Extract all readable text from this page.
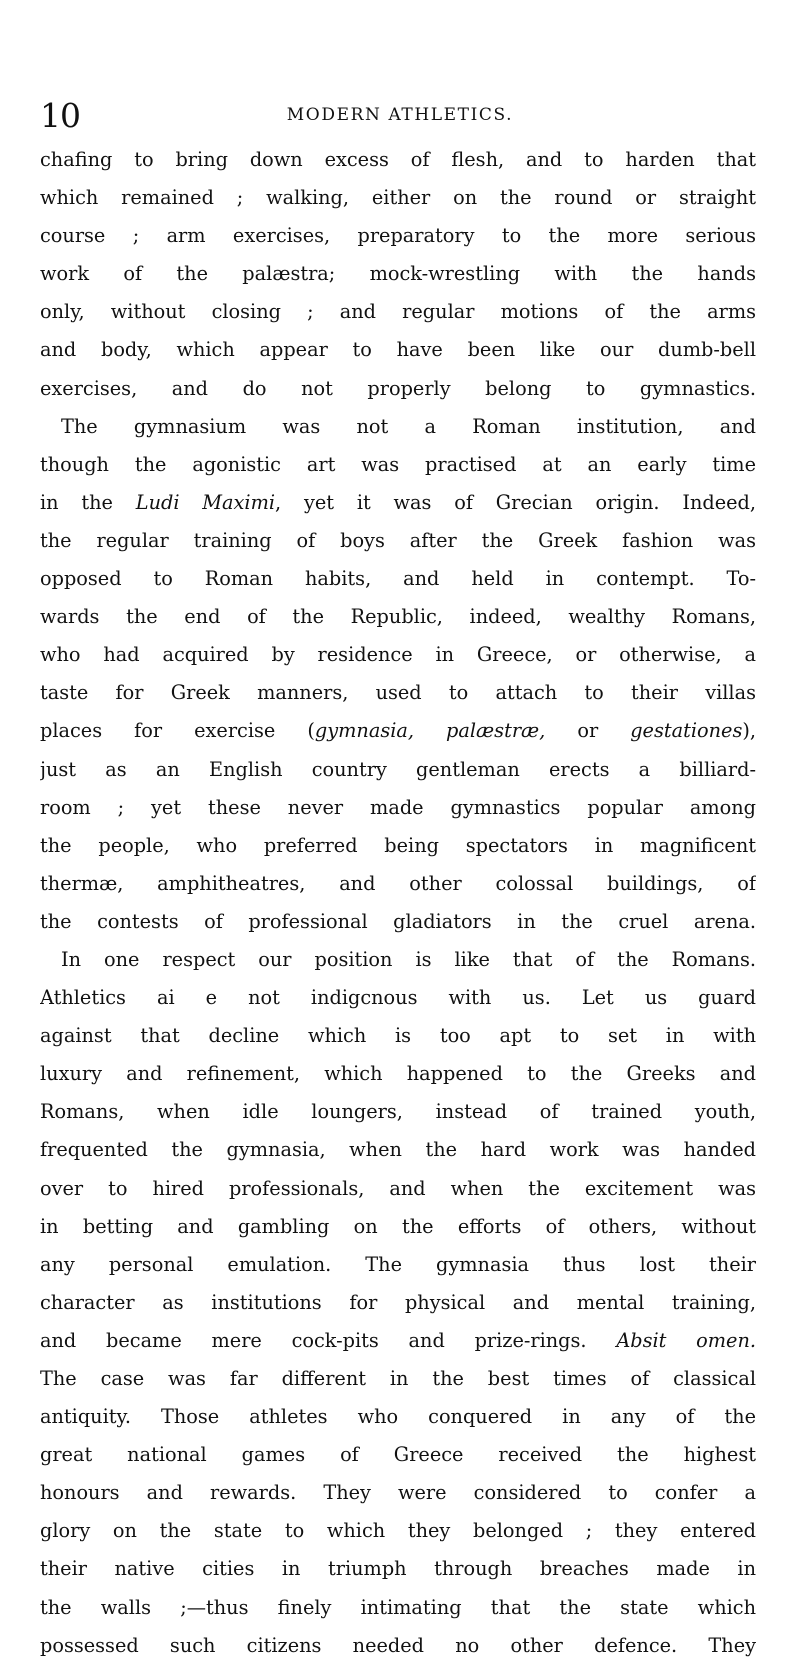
10	MODERN ATHLETICS.
chafing to bring down excess of flesh, and to harden that
which remained ; walking, either on the round or straight
course ; arm exercises, preparatory to the more serious
work of the palæstra; mock-wrestling with the hands
only, without closing ; and regular motions of the arms
and body, which appear to have been like our dumb-bell
exercises, and do not properly belong to gymnastics.
The gymnasium was not a Roman institution, and
though the agonistic art was practised at an early time
in the Ludi Maximi, yet it was of Grecian origin. Indeed,
the regular training of boys after the Greek fashion was
opposed to Roman habits, and held in contempt. To-
wards the end of the Republic, indeed, wealthy Romans,
who had acquired by residence in Greece, or otherwise, a
taste for Greek manners, used to attach to their villas
places for exercise (gymnasia, palæstræ, or gestationes),
just as an English country gentleman erects a billiard-
room ; yet these never made gymnastics popular among
the people, who preferred being spectators in magnificent
thermæ, amphitheatres, and other colossal buildings, of
the contests of professional gladiators in the cruel arena.
In one respect our position is like that of the Romans.
Athletics ai e not indigcnous with us. Let us guard
against that decline which is too apt to set in with
luxury and refinement, which happened to the Greeks and
Romans, when idle loungers, instead of trained youth,
frequented the gymnasia, when the hard work was handed
over to hired professionals, and when the excitement was
in betting and gambling on the efforts of others, without
any personal emulation. The gymnasia thus lost their
character as institutions for physical and mental training,
and became mere cock-pits and prize-rings. Absit omen.
The case was far different in the best times of classical
antiquity. Those athletes who conquered in any of the
great national games of Greece received the highest
honours and rewards. They were considered to confer a
glory on the state to which they belonged ; they entered
their native cities in triumph through breaches made in
the walls ;—thus finely intimating that the state which
possessed such citizens needed no other defence. They
